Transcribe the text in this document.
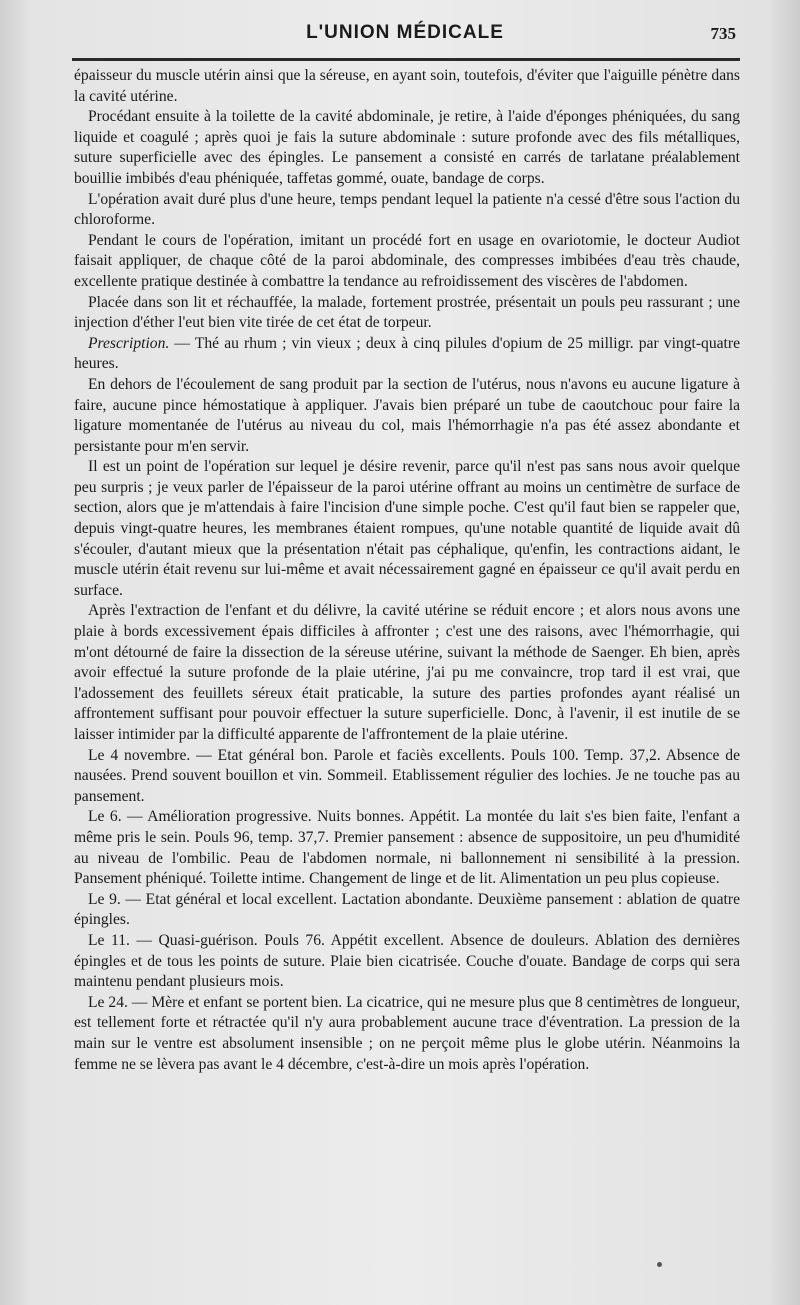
L'UNION MÉDICALE	735

épaisseur du muscle utérin ainsi que la séreuse, en ayant soin, toutefois, d'éviter que l'aiguille pénètre dans la cavité utérine.

Procédant ensuite à la toilette de la cavité abdominale, je retire, à l'aide d'éponges phéniquées, du sang liquide et coagulé ; après quoi je fais la suture abdominale : suture profonde avec des fils métalliques, suture superficielle avec des épingles. Le pansement a consisté en carrés de tarlatane préalablement bouillie imbibés d'eau phéniquée, taffetas gommé, ouate, bandage de corps.

L'opération avait duré plus d'une heure, temps pendant lequel la patiente n'a cessé d'être sous l'action du chloroforme.

Pendant le cours de l'opération, imitant un procédé fort en usage en ovariotomie, le docteur Audiot faisait appliquer, de chaque côté de la paroi abdominale, des compresses imbibées d'eau très chaude, excellente pratique destinée à combattre la tendance au refroidissement des viscères de l'abdomen.

Placée dans son lit et réchauffée, la malade, fortement prostrée, présentait un pouls peu rassurant ; une injection d'éther l'eut bien vite tirée de cet état de torpeur.

Prescription. — Thé au rhum ; vin vieux ; deux à cinq pilules d'opium de 25 milligr. par vingt-quatre heures.

En dehors de l'écoulement de sang produit par la section de l'utérus, nous n'avons eu aucune ligature à faire, aucune pince hémostatique à appliquer. J'avais bien préparé un tube de caoutchouc pour faire la ligature momentanée de l'utérus au niveau du col, mais l'hémorrhagie n'a pas été assez abondante et persistante pour m'en servir.

Il est un point de l'opération sur lequel je désire revenir, parce qu'il n'est pas sans nous avoir quelque peu surpris ; je veux parler de l'épaisseur de la paroi utérine offrant au moins un centimètre de surface de section, alors que je m'attendais à faire l'incision d'une simple poche. C'est qu'il faut bien se rappeler que, depuis vingt-quatre heures, les membranes étaient rompues, qu'une notable quantité de liquide avait dû s'écouler, d'autant mieux que la présentation n'était pas céphalique, qu'enfin, les contractions aidant, le muscle utérin était revenu sur lui-même et avait nécessairement gagné en épaisseur ce qu'il avait perdu en surface.

Après l'extraction de l'enfant et du délivre, la cavité utérine se réduit encore ; et alors nous avons une plaie à bords excessivement épais difficiles à affronter ; c'est une des raisons, avec l'hémorrhagie, qui m'ont détourné de faire la dissection de la séreuse utérine, suivant la méthode de Saenger. Eh bien, après avoir effectué la suture profonde de la plaie utérine, j'ai pu me convaincre, trop tard il est vrai, que l'adossement des feuillets séreux était praticable, la suture des parties profondes ayant réalisé un affrontement suffisant pour pouvoir effectuer la suture superficielle. Donc, à l'avenir, il est inutile de se laisser intimider par la difficulté apparente de l'affrontement de la plaie utérine.

Le 4 novembre. — Etat général bon. Parole et faciès excellents. Pouls 100. Temp. 37,2. Absence de nausées. Prend souvent bouillon et vin. Sommeil. Etablissement régulier des lochies. Je ne touche pas au pansement.

Le 6. — Amélioration progressive. Nuits bonnes. Appétit. La montée du lait s'es bien faite, l'enfant a même pris le sein. Pouls 96, temp. 37,7. Premier pansement : absence de suppositoire, un peu d'humidité au niveau de l'ombilic. Peau de l'abdomen normale, ni ballonnement ni sensibilité à la pression. Pansement phéniqué. Toilette intime. Changement de linge et de lit. Alimentation un peu plus copieuse.

Le 9. — Etat général et local excellent. Lactation abondante. Deuxième pansement : ablation de quatre épingles.

Le 11. — Quasi-guérison. Pouls 76. Appétit excellent. Absence de douleurs. Ablation des dernières épingles et de tous les points de suture. Plaie bien cicatrisée. Couche d'ouate. Bandage de corps qui sera maintenu pendant plusieurs mois.

Le 24. — Mère et enfant se portent bien. La cicatrice, qui ne mesure plus que 8 centimètres de longueur, est tellement forte et rétractée qu'il n'y aura probablement aucune trace d'éventration. La pression de la main sur le ventre est absolument insensible ; on ne perçoit même plus le globe utérin. Néanmoins la femme ne se lèvera pas avant le 4 décembre, c'est-à-dire un mois après l'opération.
